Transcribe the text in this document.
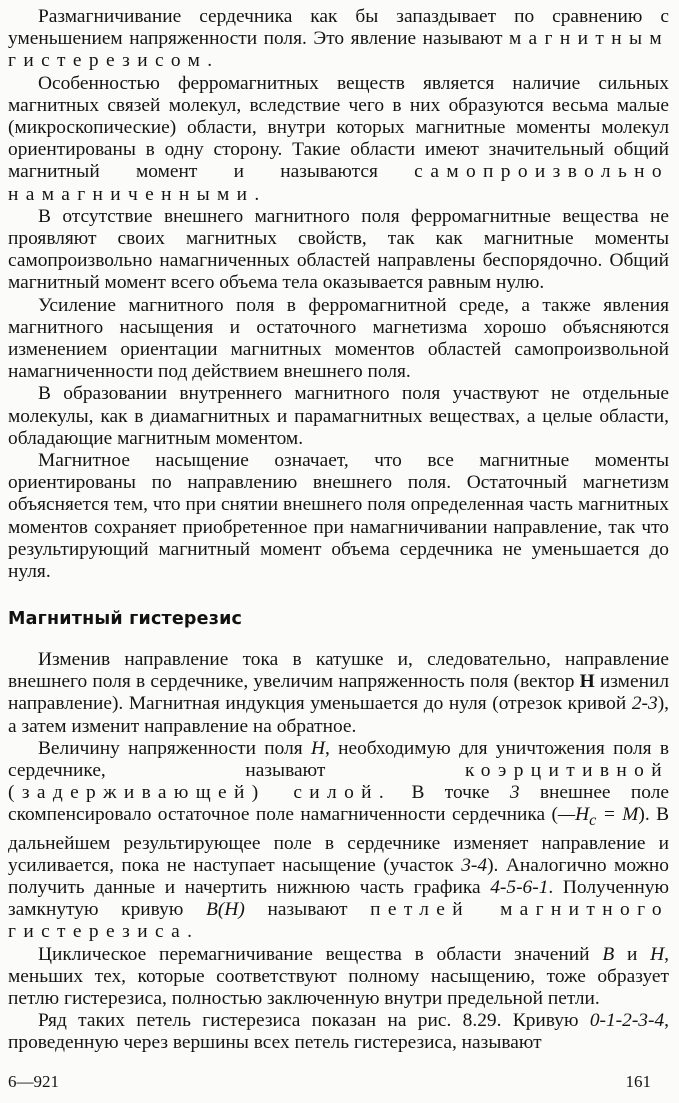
Размагничивание сердечника как бы запаздывает по сравнению с уменьшением напряженности поля. Это явление называют магнитным гистерезисом.

Особенностью ферромагнитных веществ является наличие сильных магнитных связей молекул, вследствие чего в них образуются весьма малые (микроскопические) области, внутри которых магнитные моменты молекул ориентированы в одну сторону. Такие области имеют значительный общий магнитный момент и называются самопроизвольно намагниченными.

В отсутствие внешнего магнитного поля ферромагнитные вещества не проявляют своих магнитных свойств, так как магнитные моменты самопроизвольно намагниченных областей направлены беспорядочно. Общий магнитный момент всего объема тела оказывается равным нулю.

Усиление магнитного поля в ферромагнитной среде, а также явления магнитного насыщения и остаточного магнетизма хорошо объясняются изменением ориентации магнитных моментов областей самопроизвольной намагниченности под действием внешнего поля.

В образовании внутреннего магнитного поля участвуют не отдельные молекулы, как в диамагнитных и парамагнитных веществах, а целые области, обладающие магнитным моментом.

Магнитное насыщение означает, что все магнитные моменты ориентированы по направлению внешнего поля. Остаточный магнетизм объясняется тем, что при снятии внешнего поля определенная часть магнитных моментов сохраняет приобретенное при намагничивании направление, так что результирующий магнитный момент объема сердечника не уменьшается до нуля.

Магнитный гистерезис

Изменив направление тока в катушке и, следовательно, направление внешнего поля в сердечнике, увеличим напряженность поля (вектор H изменил направление). Магнитная индукция уменьшается до нуля (отрезок кривой 2-3), а затем изменит направление на обратное.

Величину напряженности поля H, необходимую для уничтожения поля в сердечнике, называют коэрцитивной (задерживающей) силой. В точке 3 внешнее поле скомпенсировало остаточное поле намагниченности сердечника $(—H_c = M)$. В дальнейшем результирующее поле в сердечнике изменяет направление и усиливается, пока не наступает насыщение (участок 3-4). Аналогично можно получить данные и начертить нижнюю часть графика 4-5-6-1. Полученную замкнутую кривую B(H) называют петлей магнитного гистерезиса.

Циклическое перемагничивание вещества в области значений B и H, меньших тех, которые соответствуют полному насыщению, тоже образует петлю гистерезиса, полностью заключенную внутри предельной петли.

Ряд таких петель гистерезиса показан на рис. 8.29. Кривую 0-1-2-3-4, проведенную через вершины всех петель гистерезиса, называют

6—921	161
